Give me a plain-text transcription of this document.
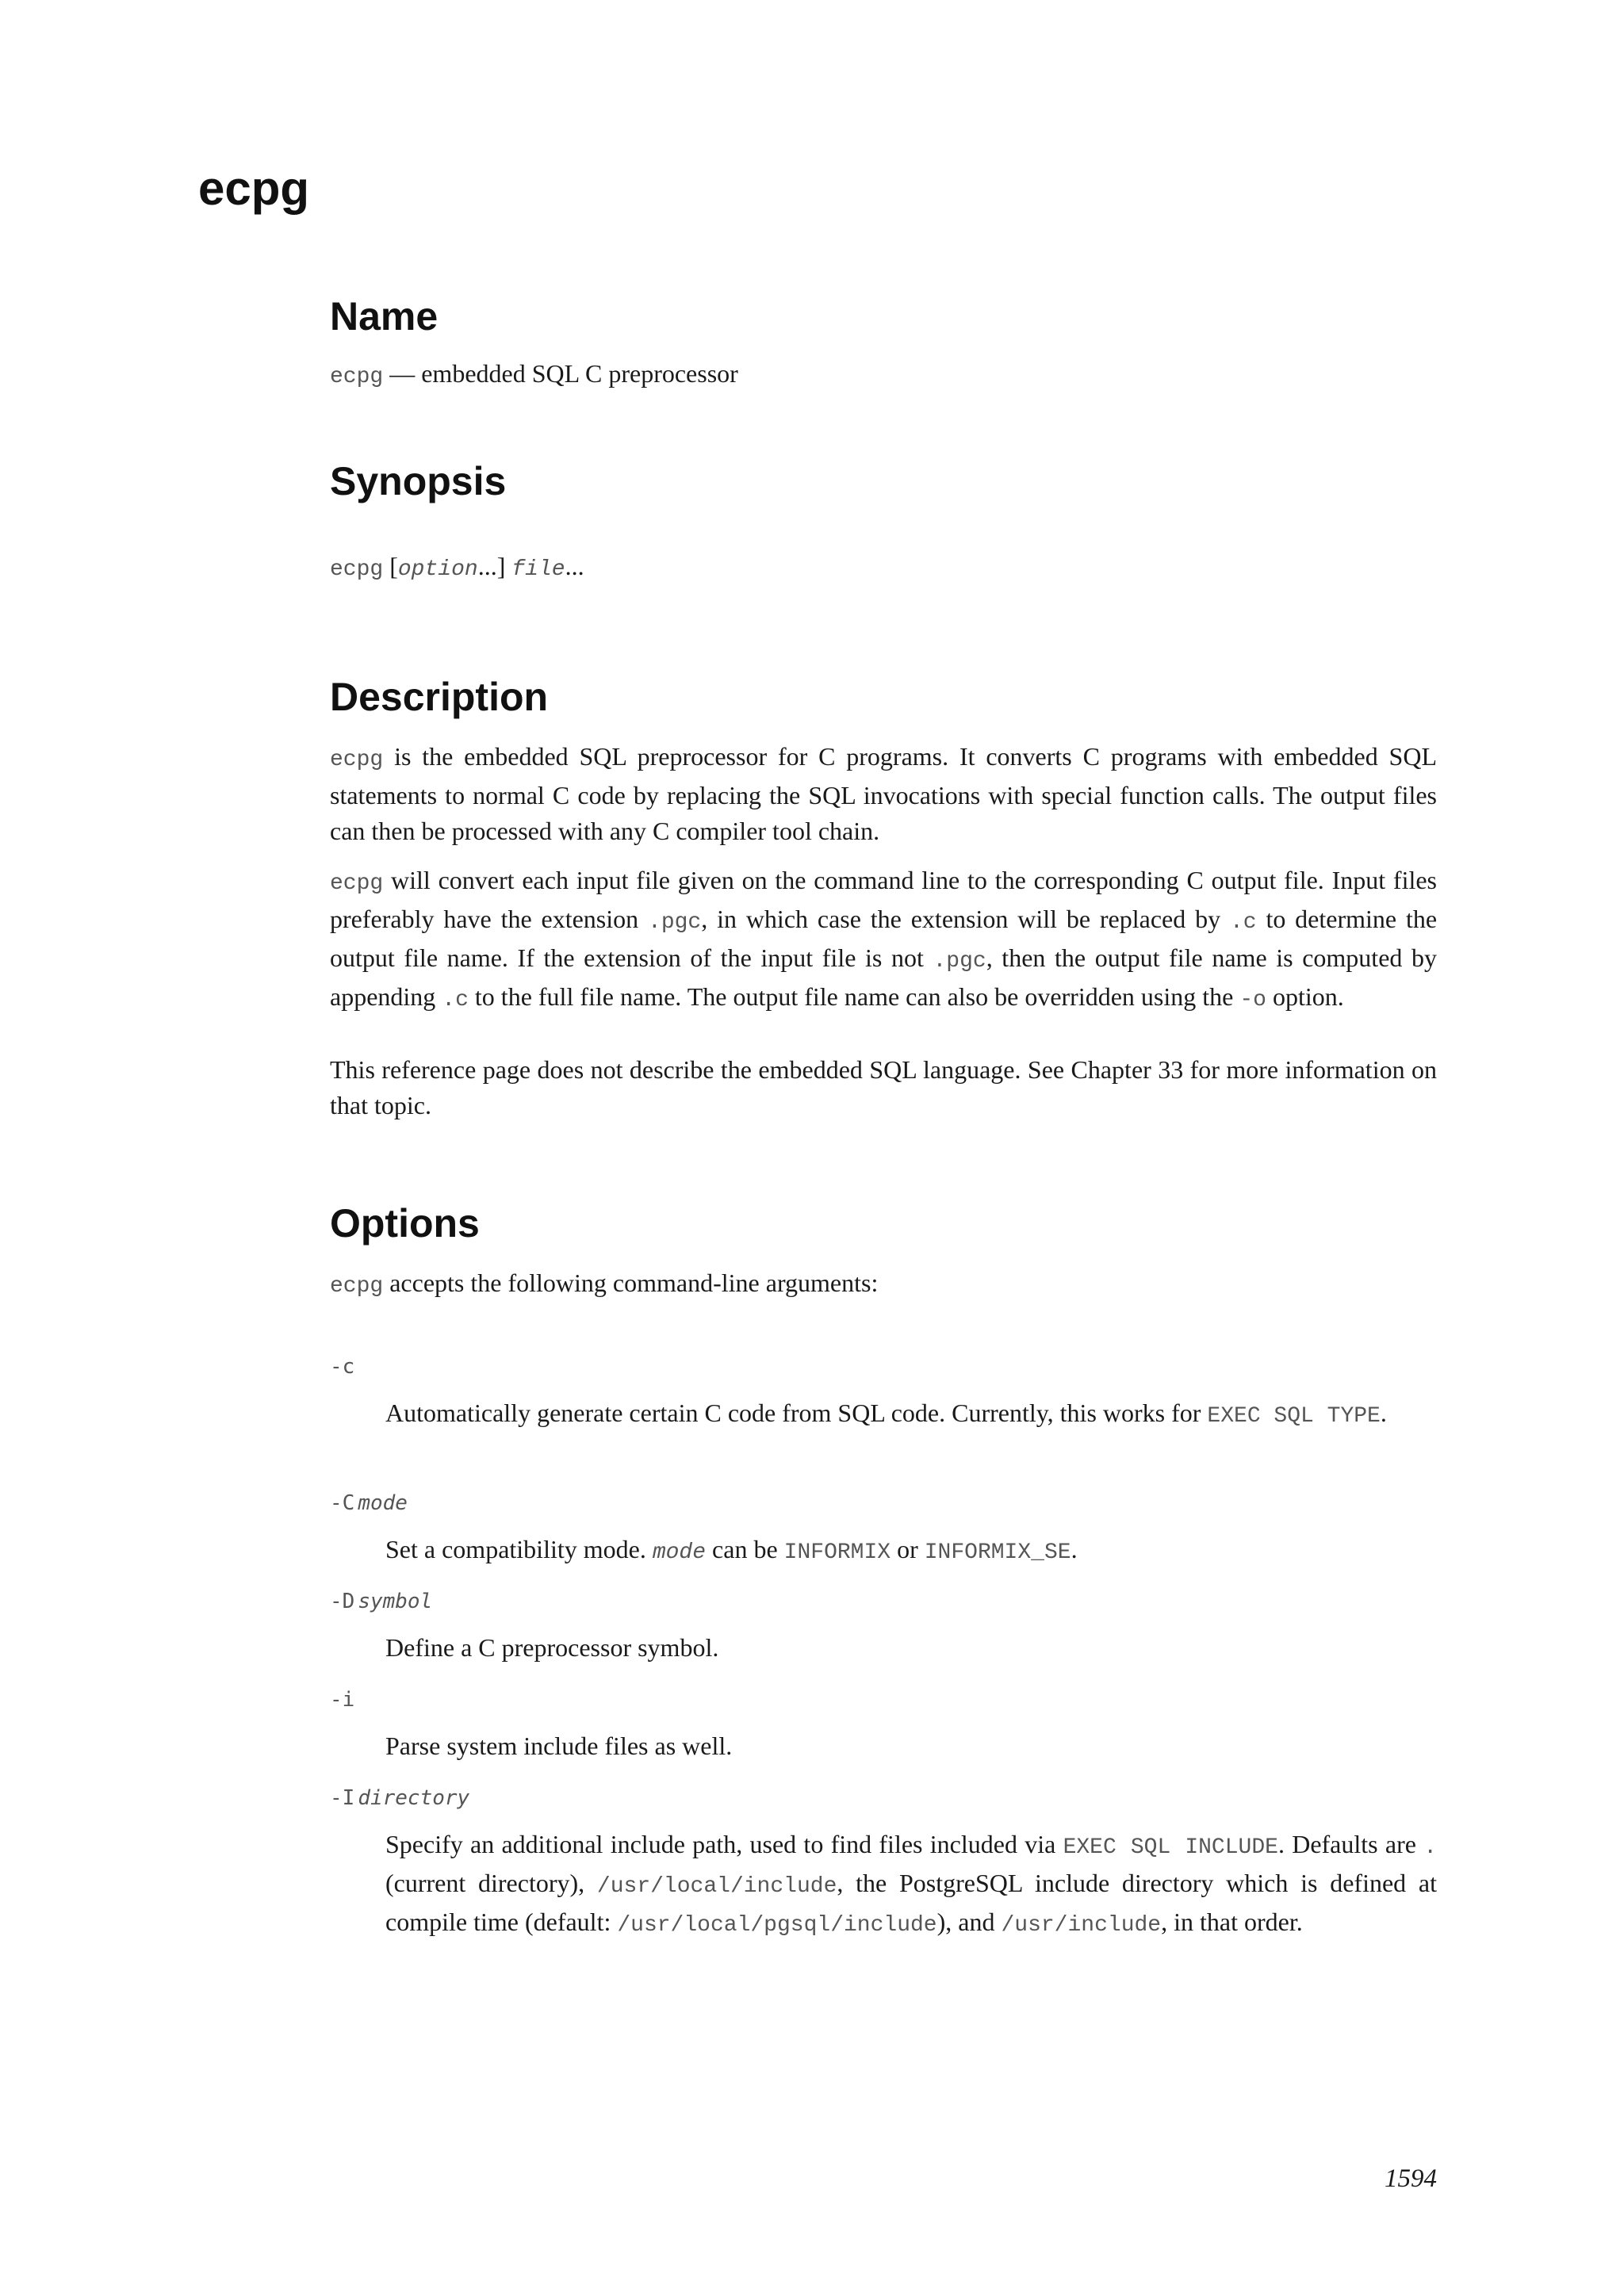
ecpg
Name

ecpg — embedded SQL C preprocessor

Synopsis

ecpg [option...] file...

Description

ecpg is the embedded SQL preprocessor for C programs. It converts C programs with embedded SQL statements to normal C code by replacing the SQL invocations with special function calls. The output files can then be processed with any C compiler tool chain.

ecpg will convert each input file given on the command line to the corresponding C output file. Input files preferably have the extension .pgc, in which case the extension will be replaced by .c to determine the output file name. If the extension of the input file is not .pgc, then the output file name is computed by appending .c to the full file name. The output file name can also be overridden using the -o option.

This reference page does not describe the embedded SQL language. See Chapter 33 for more information on that topic.

Options

ecpg accepts the following command-line arguments:

-c

Automatically generate certain C code from SQL code. Currently, this works for EXEC SQL TYPE.

-C mode

Set a compatibility mode. mode can be INFORMIX or INFORMIX_SE.

-D symbol

Define a C preprocessor symbol.

-i

Parse system include files as well.

-I directory

Specify an additional include path, used to find files included via EXEC SQL INCLUDE. Defaults are . (current directory), /usr/local/include, the PostgreSQL include directory which is defined at compile time (default: /usr/local/pgsql/include), and /usr/include, in that order.

1594
